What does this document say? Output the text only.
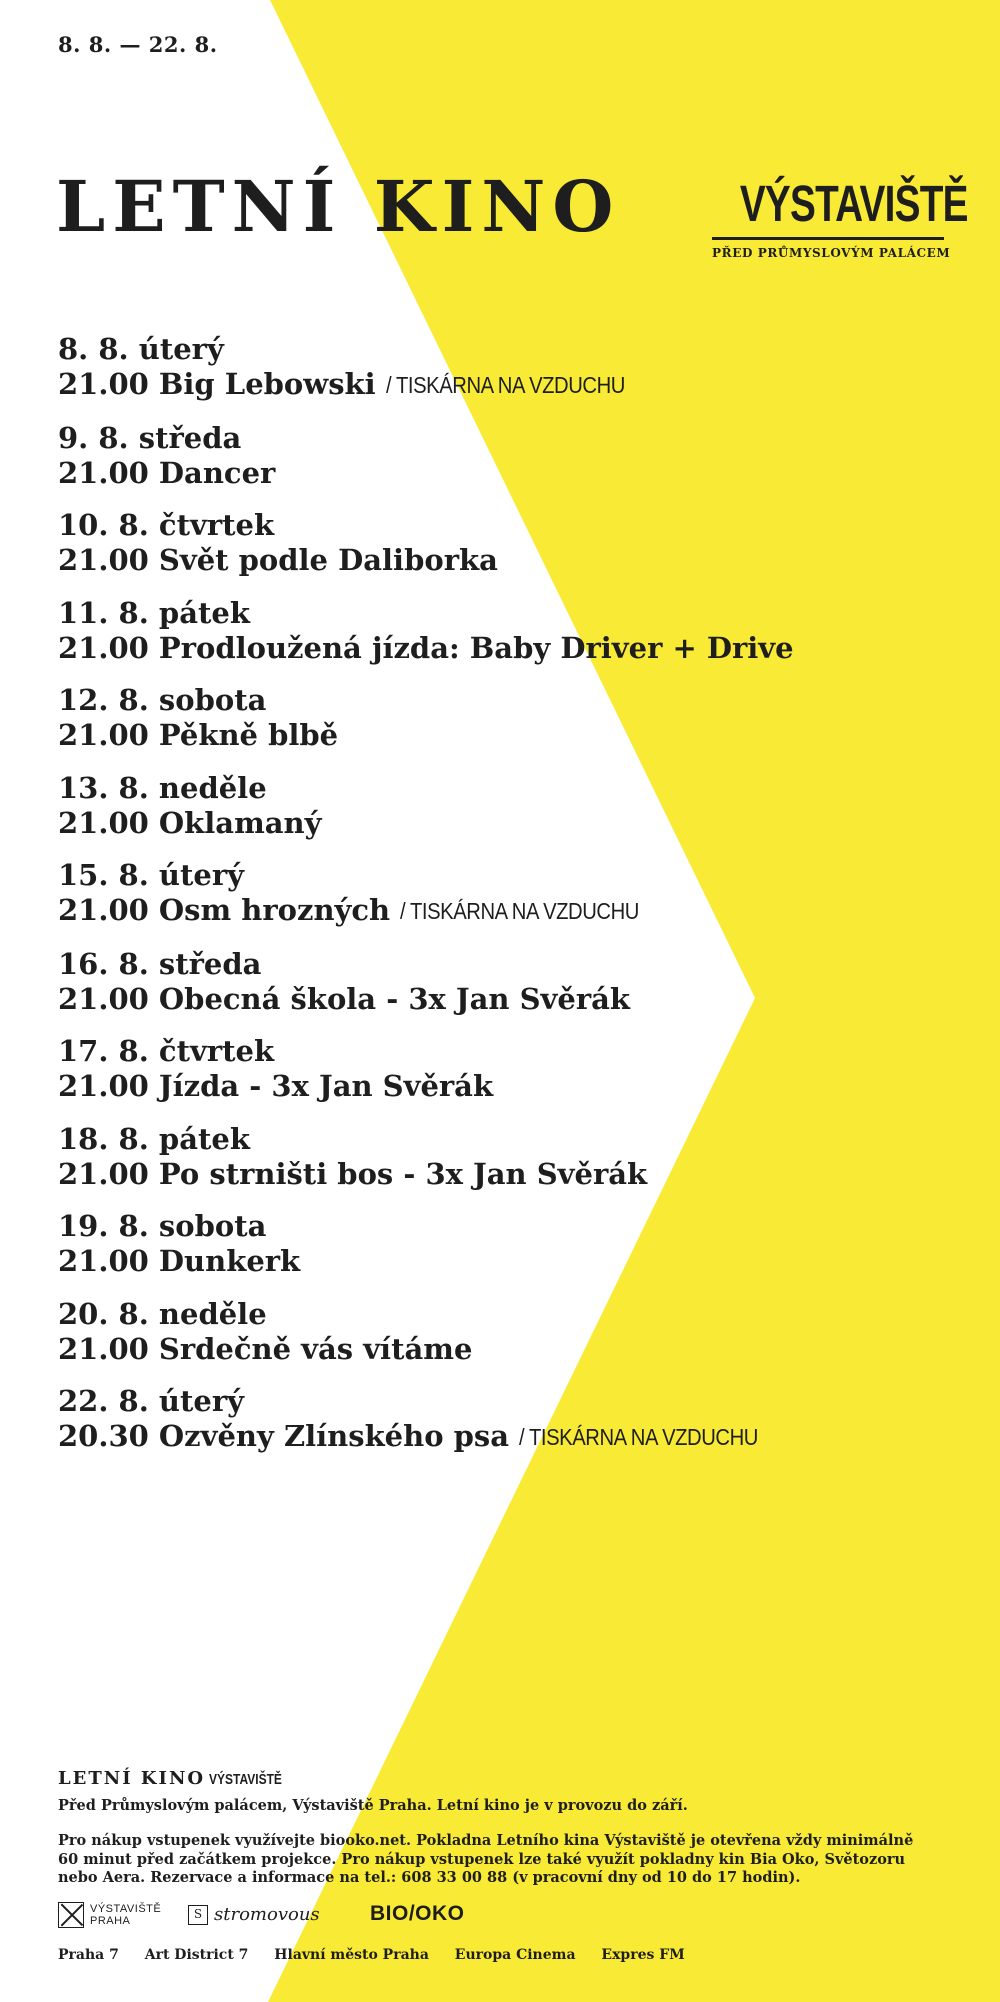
8. 8. — 22. 8.
LETNÍ KINO VÝSTAVIŠTĚ
PŘED PRŮMYSLOVÝM PALÁCEM
8. 8. úterý
21.00 Big Lebowski / TISKÁRNA NA VZDUCHU
9. 8. středa
21.00 Dancer
10. 8. čtvrtek
21.00 Svět podle Daliborka
11. 8. pátek
21.00 Prodloužená jízda: Baby Driver + Drive
12. 8. sobota
21.00 Pěkně blbě
13. 8. neděle
21.00 Oklamaný
15. 8. úterý
21.00 Osm hrozných / TISKÁRNA NA VZDUCHU
16. 8. středa
21.00 Obecná škola - 3x Jan Svěrák
17. 8. čtvrtek
21.00 Jízda - 3x Jan Svěrák
18. 8. pátek
21.00 Po strništi bos - 3x Jan Svěrák
19. 8. sobota
21.00 Dunkerk
20. 8. neděle
21.00 Srdečně vás vítáme
22. 8. úterý
20.30 Ozvěny Zlínského psa / TISKÁRNA NA VZDUCHU
LETNÍ KINO VÝSTAVIŠTĚ
Před Průmyslovým palácem, Výstaviště Praha. Letní kino je v provozu do září.
Pro nákup vstupenek využívejte biooko.net. Pokladna Letního kina Výstaviště je otevřena vždy minimálně 60 minut před začátkem projekce. Pro nákup vstupenek lze také využít pokladny kin Bia Oko, Světozoru nebo Aera. Rezervace a informace na tel.: 608 33 00 88 (v pracovní dny od 10 do 17 hodin).
VÝSTAVIŠTĚ
PRAHA
S stromovous BIO/OKO
Praha 7 Art District 7 Hlavní město Praha Europa Cinema Expres FM
